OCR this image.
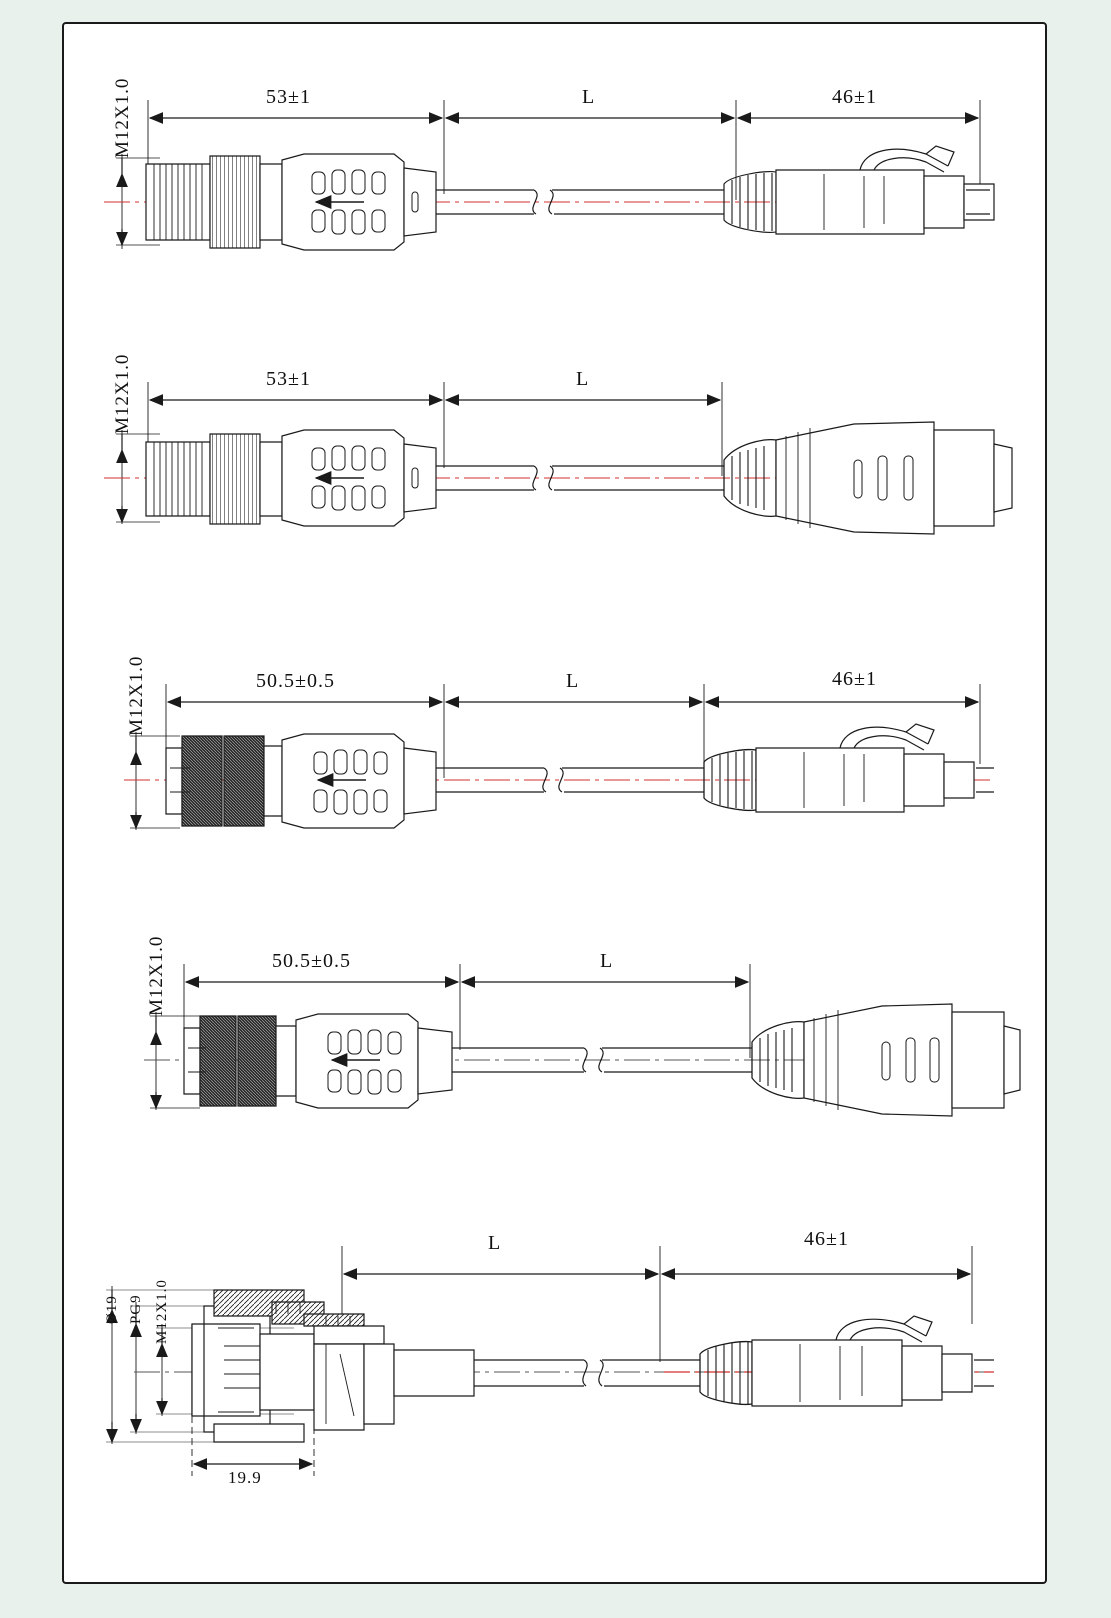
M12X1.0	53±1	L	46±1
M12X1.0	53±1	L
M12X1.0	50.5±0.5	L	46±1
M12X1.0	50.5±0.5	L
Ø19 PG9 M12X1.0
L	46±1
19.9
